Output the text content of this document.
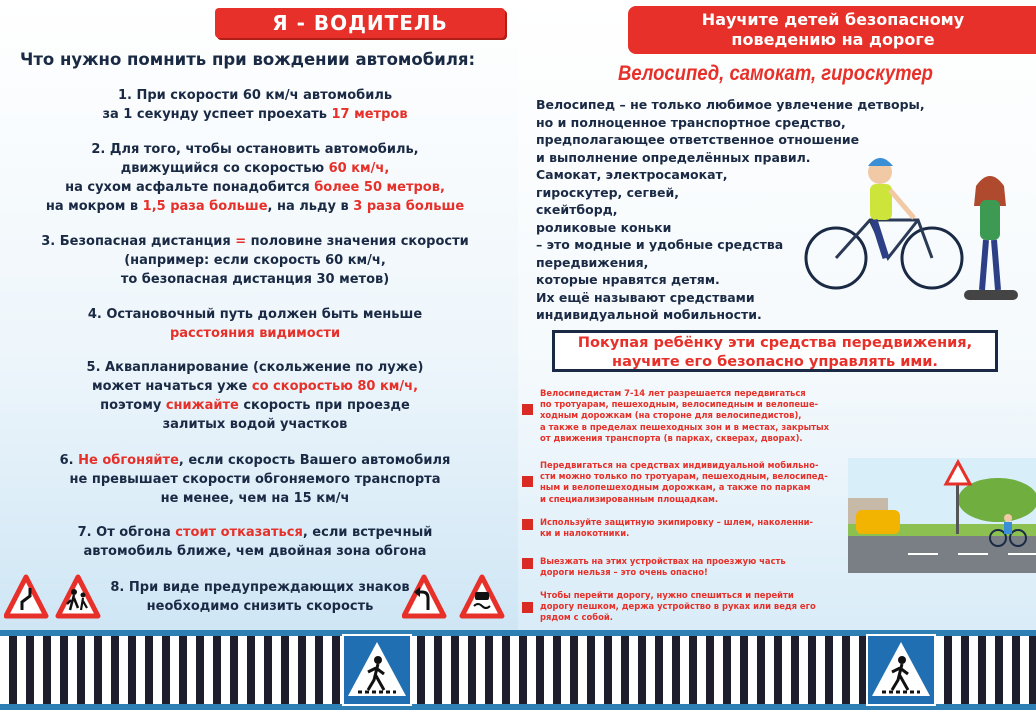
Я - ВОДИТЕЛЬ
Что нужно помнить при вождении автомобиля:
1. При скорости 60 км/ч автомобиль
за 1 секунду успеет проехать 17 метров
2. Для того, чтобы остановить автомобиль,
движущийся со скоростью 60 км/ч,
на сухом асфальте понадобится более 50 метров,
на мокром в 1,5 раза больше, на льду в 3 раза больше
3. Безопасная дистанция = половине значения скорости
(например: если скорость 60 км/ч,
то безопасная дистанция 30 метов)
4. Остановочный путь должен быть меньше
расстояния видимости
5. Аквапланирование (скольжение по луже)
может начаться уже со скоростью 80 км/ч,
поэтому снижайте скорость при проезде
залитых водой участков
6. Не обгоняйте, если скорость Вашего автомобиля
не превышает скорости обгоняемого транспорта
не менее, чем на 15 км/ч
7. От обгона стоит отказаться, если встречный
автомобиль ближе, чем двойная зона обгона
8. При виде предупреждающих знаков
необходимо снизить скорость
Научите детей безопасному
поведению на дороге
Велосипед, самокат, гироскутер
Велосипед – не только любимое увлечение детворы,
но и полноценное транспортное средство,
предполагающее ответственное отношение
и выполнение определённых правил.
Самокат, электросамокат,
гироскутер, сегвей,
скейтборд,
роликовые коньки
– это модные и удобные средства
передвижения,
которые нравятся детям.
Их ещё называют средствами
индивидуальной мобильности.
Покупая ребёнку эти средства передвижения,
научите его безопасно управлять ими.
Велосипедистам 7-14 лет разрешается передвигаться
по тротуарам, пешеходным, велосипедным и велопеше-
ходным дорожкам (на стороне для велосипедистов),
а также в пределах пешеходных зон и в местах, закрытых
от движения транспорта (в парках, скверах, дворах).
Передвигаться на средствах индивидуальной мобильно-
сти можно только по тротуарам, пешеходным, велосипед-
ным и велопешеходным дорожкам, а также по паркам
и специализированным площадкам.
Используйте защитную экипировку – шлем, наколенни-
ки и налокотники.
Выезжать на этих устройствах на проезжую часть
дороги нельзя – это очень опасно!
Чтобы перейти дорогу, нужно спешиться и перейти
дорогу пешком, держа устройство в руках или ведя его
рядом с собой.
